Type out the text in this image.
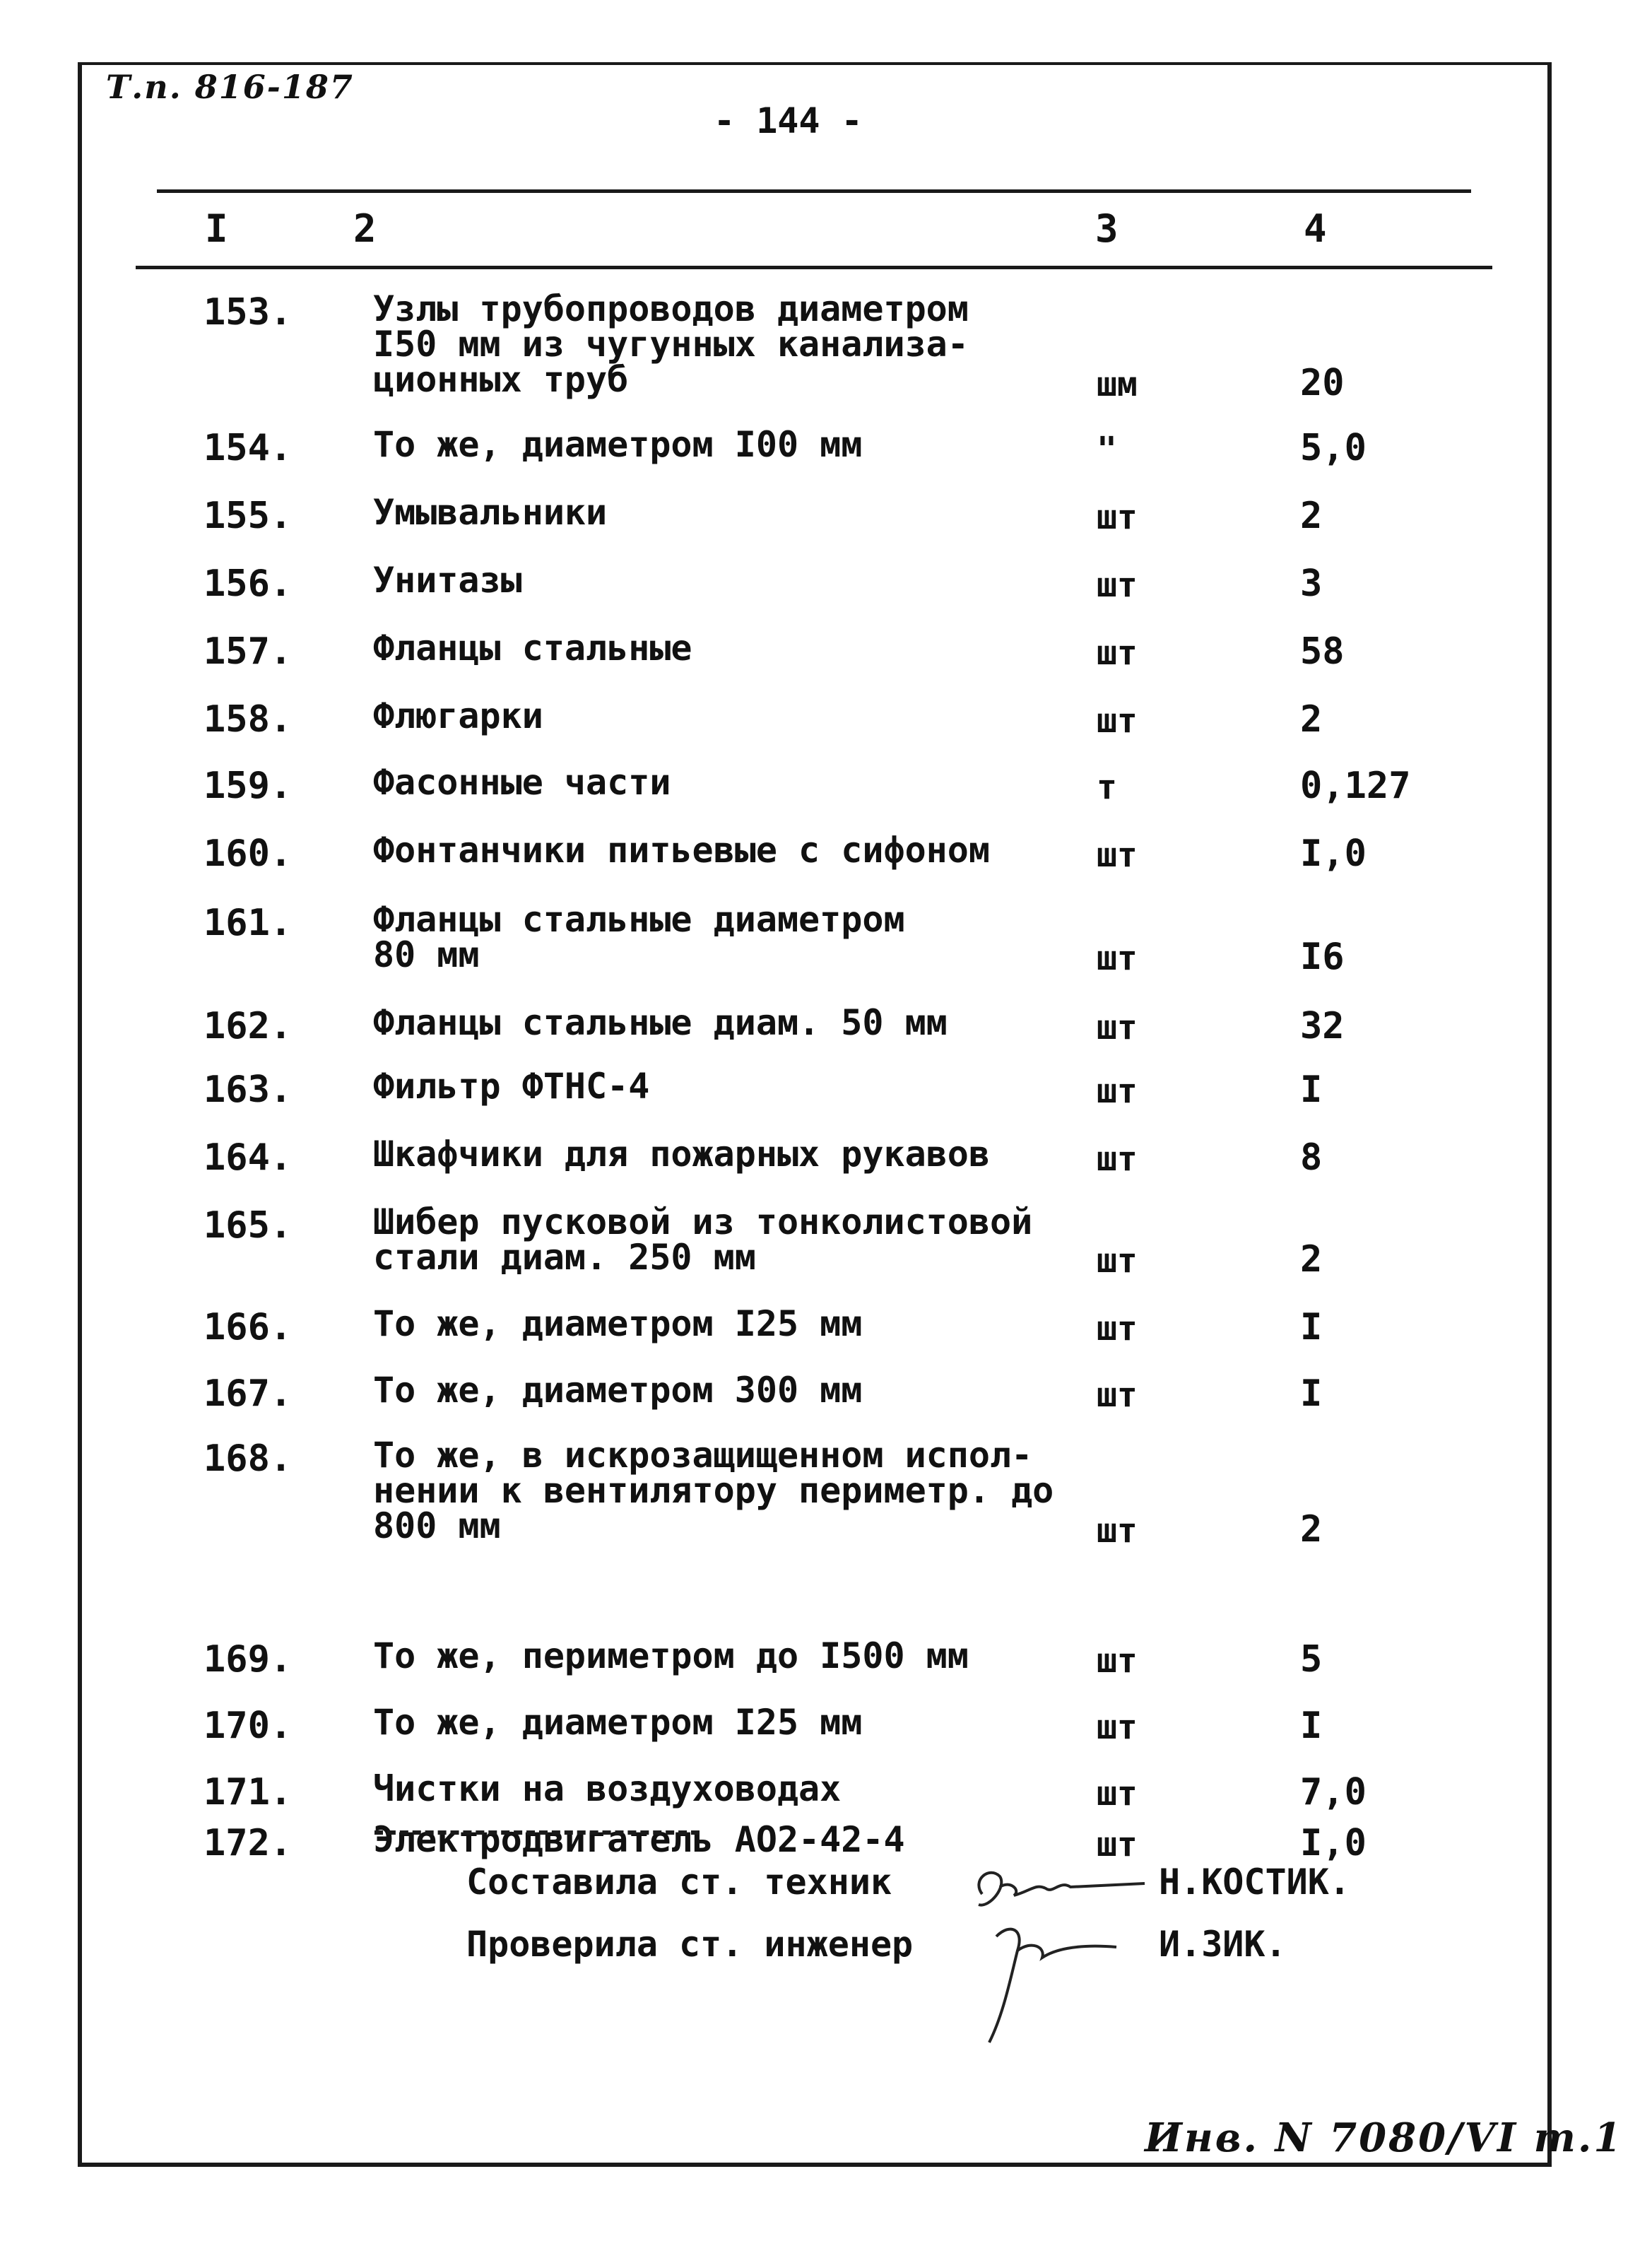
Т.п. 816-187
- 144 -
I	2	3	4
153. Узлы трубопроводов диаметром
I50 мм из чугунных канализа-
ционных труб	шм	20
154. То же, диаметром I00 мм	"	5,0
155. Умывальники	шт	2
156. Унитазы	шт	3
157. Фланцы стальные	шт	58
158. Флюгарки	шт	2
159. Фасонные части	т	0,127
160. Фонтанчики питьевые с сифоном	шт	I,0
161. Фланцы стальные диаметром
80 мм	шт	I6
162. Фланцы стальные диам. 50 мм	шт	32
163. Фильтр ФТНС-4	шт	I
164. Шкафчики для пожарных рукавов	шт	8
165. Шибер пусковой из тонколистовой
стали диам. 250 мм	шт	2
166. То же, диаметром I25 мм	шт	I
167. То же, диаметром 300 мм	шт	I
168. То же, в искрозащищенном испол-
нении к вентилятору периметр. до
800 мм	шт	2
169. То же, периметром до I500 мм	шт	5
170. То же, диаметром I25 мм	шт	I
171. Чистки на воздуховодах	шт	7,0
172. Электродвигатель АО2-42-4	шт	I,0
Составила ст. техник	Н.КОСТИК.
Проверила ст. инженер	И.ЗИК.
Инв. N 7080/VI т.1
